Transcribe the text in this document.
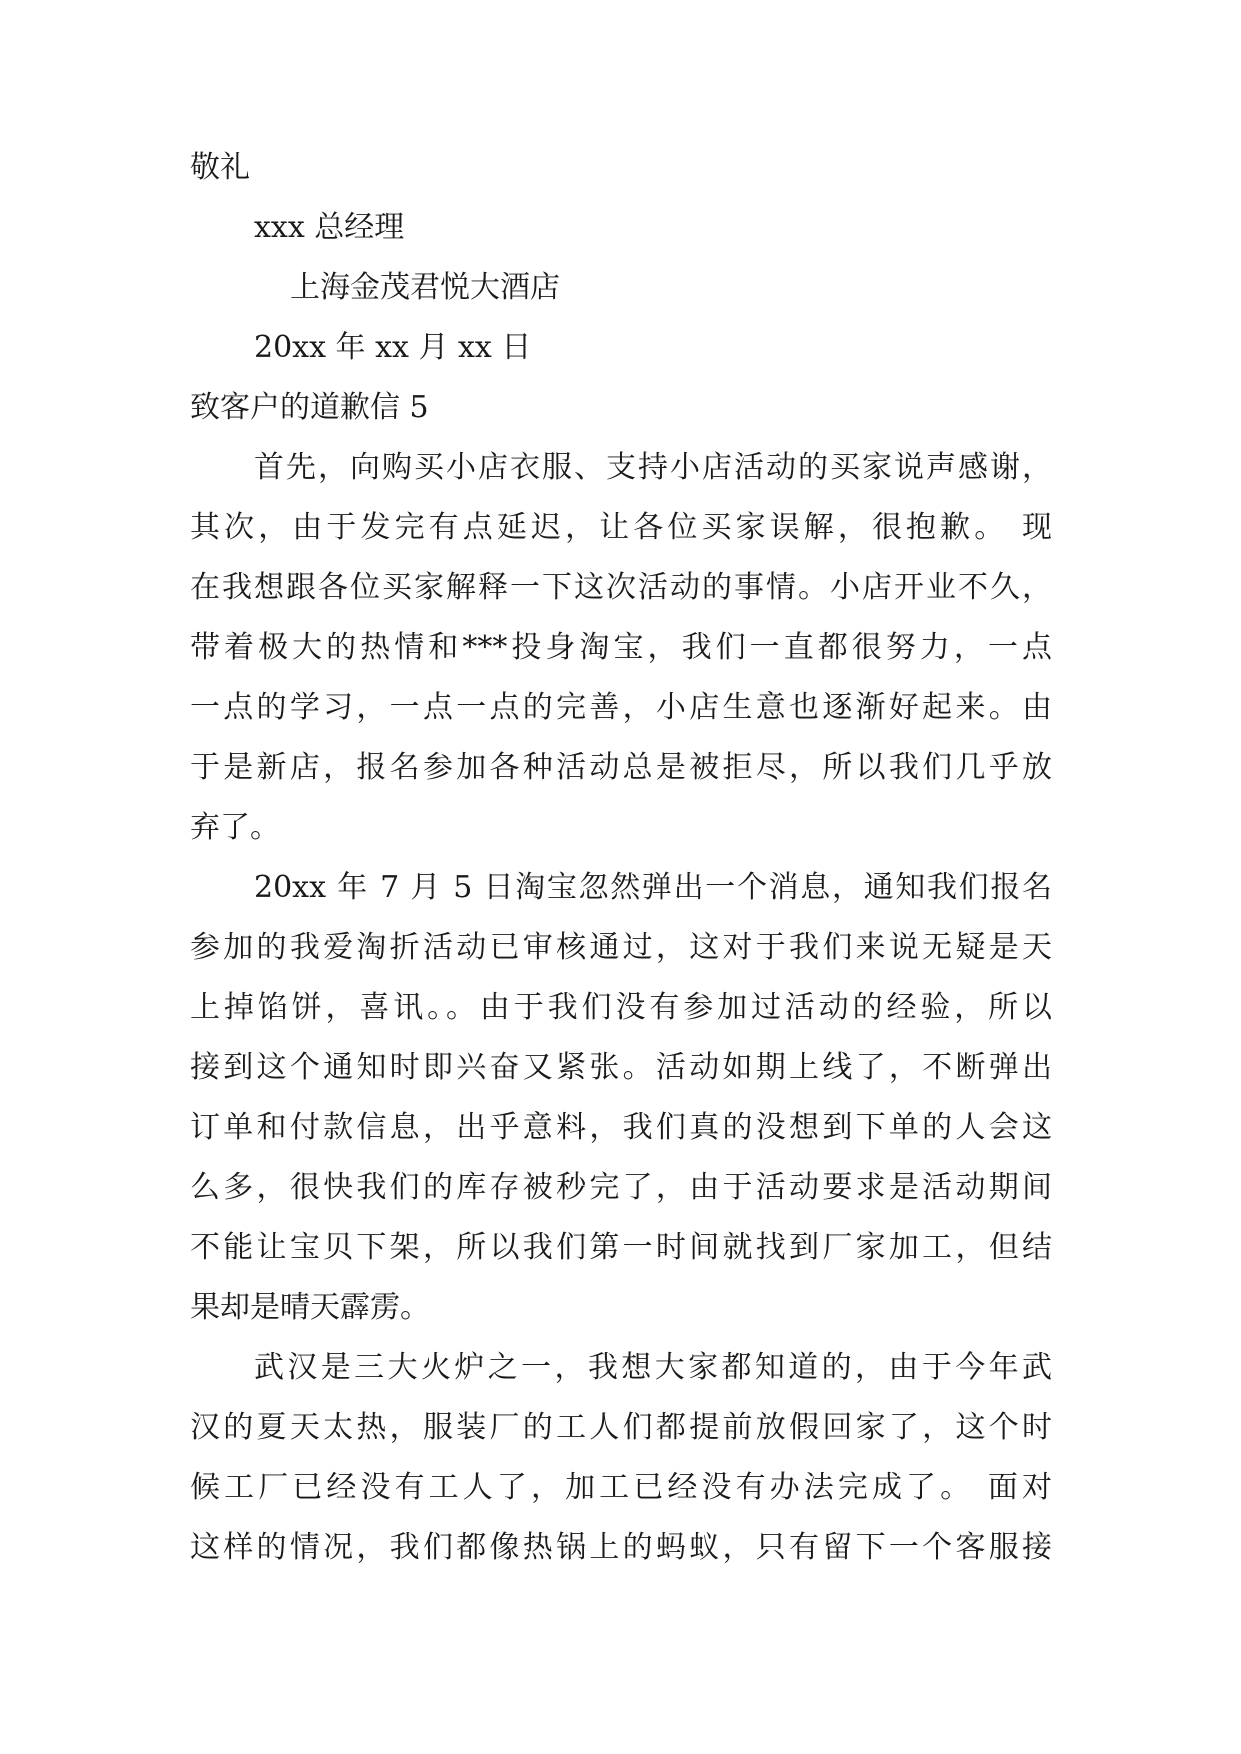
敬礼
xxx 总经理
上海金茂君悦大酒店
20xx 年 xx 月 xx 日
致客户的道歉信 5
首先，向购买小店衣服、支持小店活动的买家说声感谢，
其次，由于发完有点延迟，让各位买家误解，很抱歉。 现
在我想跟各位买家解释一下这次活动的事情。小店开业不久，
带着极大的热情和***投身淘宝，我们一直都很努力，一点
一点的学习，一点一点的完善，小店生意也逐渐好起来。由
于是新店，报名参加各种活动总是被拒尽，所以我们几乎放
弃了。
20xx 年 7 月 5 日淘宝忽然弹出一个消息，通知我们报名
参加的我爱淘折活动已审核通过，这对于我们来说无疑是天
上掉馅饼，喜讯。。由于我们没有参加过活动的经验，所以
接到这个通知时即兴奋又紧张。活动如期上线了，不断弹出
订单和付款信息，出乎意料，我们真的没想到下单的人会这
么多，很快我们的库存被秒完了，由于活动要求是活动期间
不能让宝贝下架，所以我们第一时间就找到厂家加工，但结
果却是晴天霹雳。
武汉是三大火炉之一，我想大家都知道的，由于今年武
汉的夏天太热，服装厂的工人们都提前放假回家了，这个时
候工厂已经没有工人了，加工已经没有办法完成了。 面对
这样的情况，我们都像热锅上的蚂蚁，只有留下一个客服接
